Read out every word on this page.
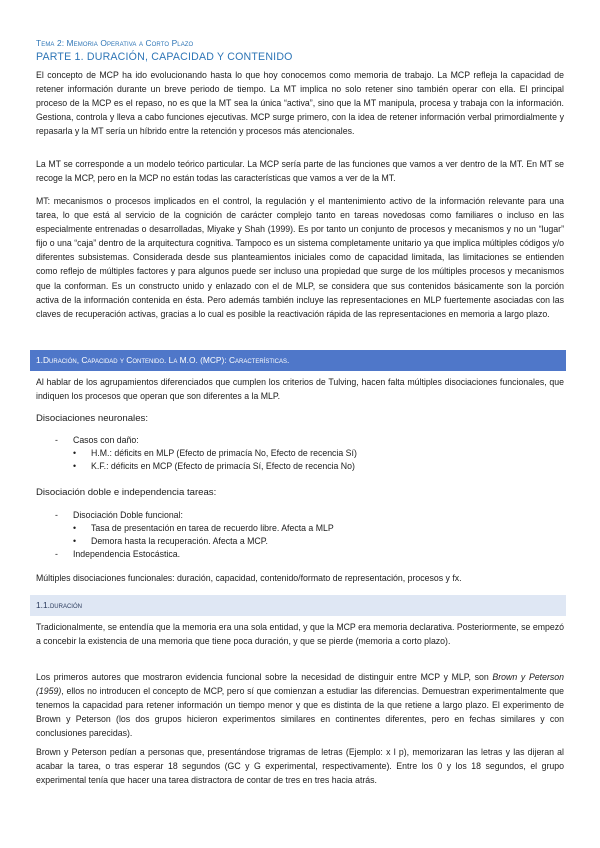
Tema 2: Memoria Operativa a Corto Plazo
PARTE 1. DURACIÓN, CAPACIDAD Y CONTENIDO

El concepto de MCP ha ido evolucionando hasta lo que hoy conocemos como memoria de trabajo. La MCP refleja la capacidad de retener información durante un breve periodo de tiempo. La MT implica no solo retener sino también operar con ella. El principal proceso de la MCP es el repaso, no es que la MT sea la única “activa”, sino que la MT manipula, procesa y trabaja con la información. Gestiona, controla y lleva a cabo funciones ejecutivas. MCP surge primero, con la idea de retener información verbal primordialmente y repasarla y la MT sería un híbrido entre la retención y procesos más atencionales.

La MT se corresponde a un modelo teórico particular. La MCP sería parte de las funciones que vamos a ver dentro de la MT. En MT se recoge la MCP, pero en la MCP no están todas las características que vamos a ver de la MT.

MT: mecanismos o procesos implicados en el control, la regulación y el mantenimiento activo de la información relevante para una tarea, lo que está al servicio de la cognición de carácter complejo tanto en tareas novedosas como familiares o incluso en las especialmente entrenadas o desarrolladas, Miyake y Shah (1999). Es por tanto un conjunto de procesos y mecanismos y no un “lugar” fijo o una “caja” dentro de la arquitectura cognitiva. Tampoco es un sistema completamente unitario ya que implica múltiples códigos y/o diferentes subsistemas. Considerada desde sus planteamientos iniciales como de capacidad limitada, las limitaciones se entienden como reflejo de múltiples factores y para algunos puede ser incluso una propiedad que surge de los múltiples procesos y mecanismos que la conforman. Es un constructo unido y enlazado con el de MLP, se considera que sus contenidos básicamente son la porción activa de la información contenida en ésta. Pero además también incluye las representaciones en MLP fuertemente asociadas con las claves de recuperación activas, gracias a lo cual es posible la reactivación rápida de las representaciones en memoria a largo plazo.

1.Duración, Capacidad y Contenido. La M.O. (MCP): Características.

Al hablar de los agrupamientos diferenciados que cumplen los criterios de Tulving, hacen falta múltiples disociaciones funcionales, que indiquen los procesos que operan que son diferentes a la MLP.

Disociaciones neuronales:
- Casos con daño:
• H.M.: déficits en MLP (Efecto de primacía No, Efecto de recencia Sí)
• K.F.: déficits en MCP (Efecto de primacía Sí, Efecto de recencia No)
Disociación doble e independencia tareas:
- Disociación Doble funcional:
• Tasa de presentación en tarea de recuerdo libre. Afecta a MLP
• Demora hasta la recuperación. Afecta a MCP.
- Independencia Estocástica.

Múltiples disociaciones funcionales: duración, capacidad, contenido/formato de representación, procesos y fx.

1.1.duración

Tradicionalmente, se entendía que la memoria era una sola entidad, y que la MCP era memoria declarativa. Posteriormente, se empezó a concebir la existencia de una memoria que tiene poca duración, y que se pierde (memoria a corto plazo).

Los primeros autores que mostraron evidencia funcional sobre la necesidad de distinguir entre MCP y MLP, son Brown y Peterson (1959), ellos no introducen el concepto de MCP, pero sí que comienzan a estudiar las diferencias. Demuestran experimentalmente que tenemos la capacidad para retener información un tiempo menor y que es distinta de la que retiene a largo plazo. El experimento de Brown y Peterson (los dos grupos hicieron experimentos similares en continentes diferentes, pero en fechas similares y con conclusiones parecidas).

Brown y Peterson pedían a personas que, presentándose trigramas de letras (Ejemplo: x l p), memorizaran las letras y las dijeran al acabar la tarea, o tras esperar 18 segundos (GC y G experimental, respectivamente). Entre los 0 y los 18 segundos, el grupo experimental tenía que hacer una tarea distractora de contar de tres en tres hacia atrás.
